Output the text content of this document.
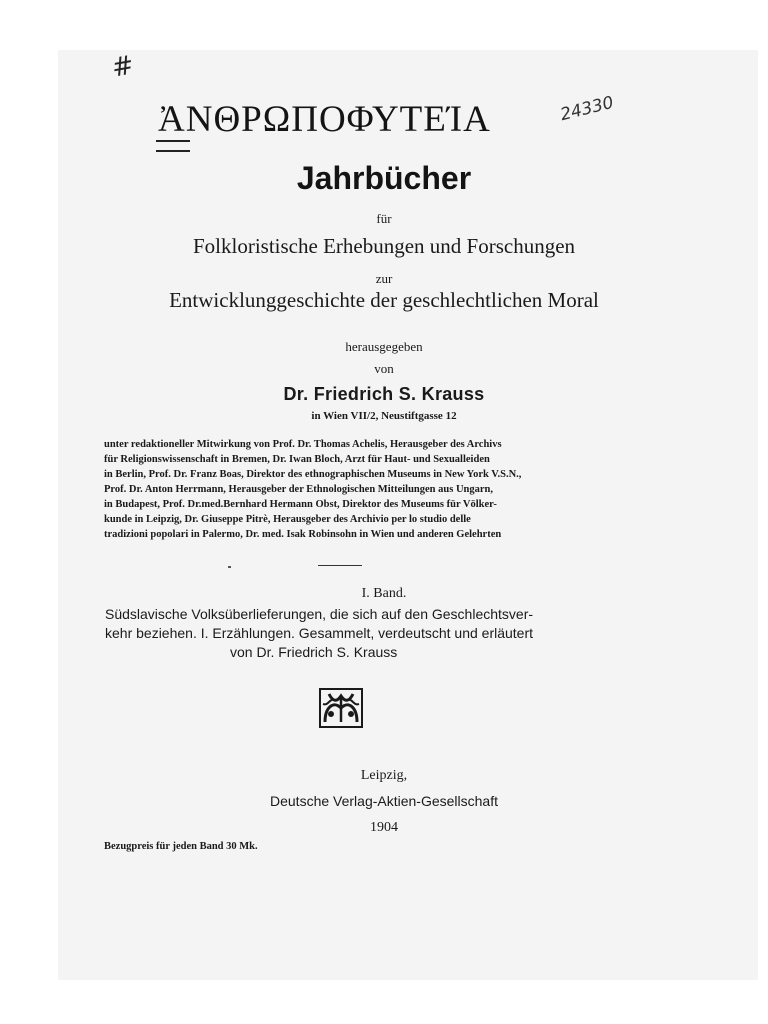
#
ἈΝΘΡΩΠΟΦΥΤΕΊΑ	24330
Jahrbücher
für
Folkloristische Erhebungen und Forschungen
zur
Entwicklunggeschichte der geschlechtlichen Moral
herausgegeben
von
Dr. Friedrich S. Krauss
in Wien VII/2, Neustiftgasse 12
unter redaktioneller Mitwirkung von Prof. Dr. Thomas Achelis, Herausgeber des Archivs
für Religionswissenschaft in Bremen, Dr. Iwan Bloch, Arzt für Haut- und Sexualleiden
in Berlin, Prof. Dr. Franz Boas, Direktor des ethnographischen Museums in New York V.S.N.,
Prof. Dr. Anton Herrmann, Herausgeber der Ethnologischen Mitteilungen aus Ungarn,
in Budapest, Prof. Dr.med.Bernhard Hermann Obst, Direktor des Museums für Völker-
kunde in Leipzig, Dr. Giuseppe Pitrè, Herausgeber des Archivio per lo studio delle
tradizioni popolari in Palermo, Dr. med. Isak Robinsohn in Wien und anderen Gelehrten
I. Band.
Südslavische Volksüberlieferungen, die sich auf den Geschlechtsver-
kehr beziehen. I. Erzählungen. Gesammelt, verdeutscht und erläutert
von Dr. Friedrich S. Krauss
Leipzig,
Deutsche Verlag-Aktien-Gesellschaft
1904
Bezugpreis für jeden Band 30 Mk.
